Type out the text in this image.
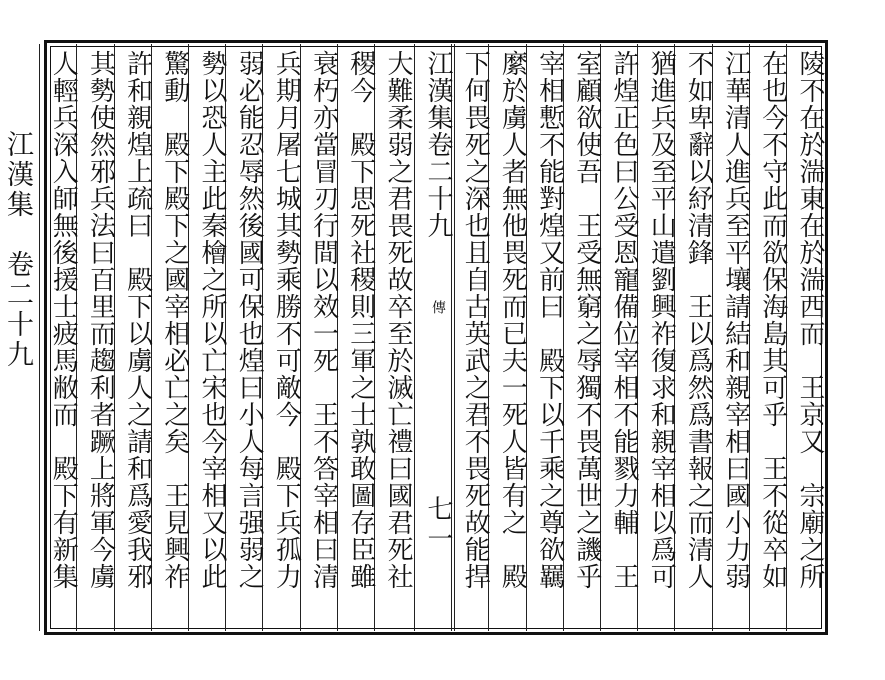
江漢集　卷二十九	陵不在於湍東在於湍西而　王京又　宗廟之所
在也今不守此而欲保海島其可乎　王不從卒如
江華清人進兵至平壤請結和親宰相曰國小力弱
不如卑辭以紓清鋒　王以爲然爲書報之而清人
猶進兵及至平山遣劉興祚復求和親宰相以爲可
許煌正色曰公受恩寵備位宰相不能戮力輔　王
室顧欲使吾　王受無窮之辱獨不畏萬世之譏乎
宰相慙不能對煌又前曰　殿下以千乘之尊欲羈
縻於虜人者無他畏死而已夫一死人皆有之　殿
下何畏死之深也且自古英武之君不畏死故能捍
大難柔弱之君畏死故卒至於滅亡禮曰國君死社
稷今　殿下思死社稷則三軍之士孰敢圖存臣雖
衰朽亦當冒刃行間以效一死　王不答宰相曰清
兵期月屠七城其勢乘勝不可敵今　殿下兵孤力
弱必能忍辱然後國可保也煌曰小人每言强弱之
勢以恐人主此秦檜之所以亡宋也今宰相又以此
驚動　殿下殿下之國宰相必亡之矣　王見興祚
許和親煌上疏曰　殿下以虜人之請和爲愛我邪
其勢使然邪兵法曰百里而趨利者蹶上將軍今虜
人輕兵深入師無後援士疲馬敝而　殿下有新集	江漢集卷二十九
傳
七一
